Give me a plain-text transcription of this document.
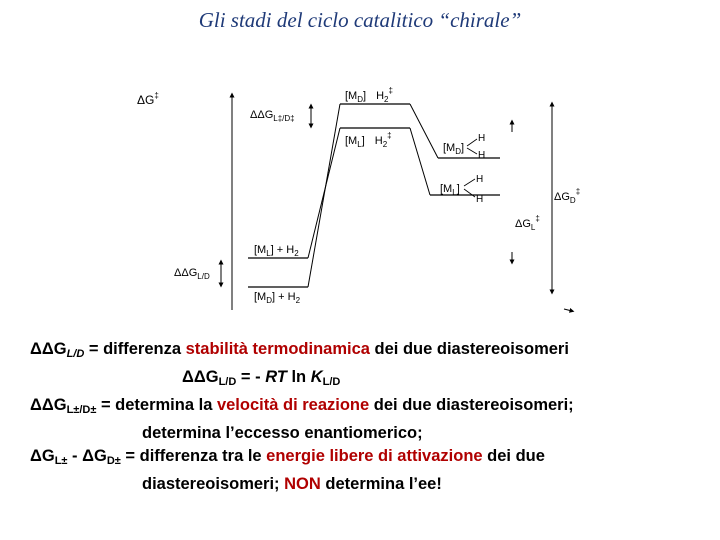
Gli stadi del ciclo catalitico “chirale”
ΔG‡
$\Delta\Delta G_{L\ddagger/D\ddagger}$
$[M_D]$ $H_2^\ddagger$
$[M_L]$ $H_2^\ddagger$
$[M_D]$
H
H
$[M_L]$
H
H	$\Delta G_D^\ddagger$
$\Delta G_L^\ddagger$
$[M_L] + H_2$
$[M_D] + H_2$
$\Delta\Delta G_{L/D}$
$\Delta\Delta G_{L/D}$ = differenza stabilità termodinamica dei due diastereoisomeri
$\Delta\Delta G_{L/D}$ = - RT $\ln K_{L/D}$
$\Delta\Delta G_{L\pm/D\pm}$ = determina la velocità di reazione dei due diastereoisomeri;
determina l’eccesso enantiomerico;
$\Delta G_{L\pm} - \Delta G_{D\pm}$ = differenza tra le energie libere di attivazione dei due
diastereoisomeri; NON determina l’ee!
